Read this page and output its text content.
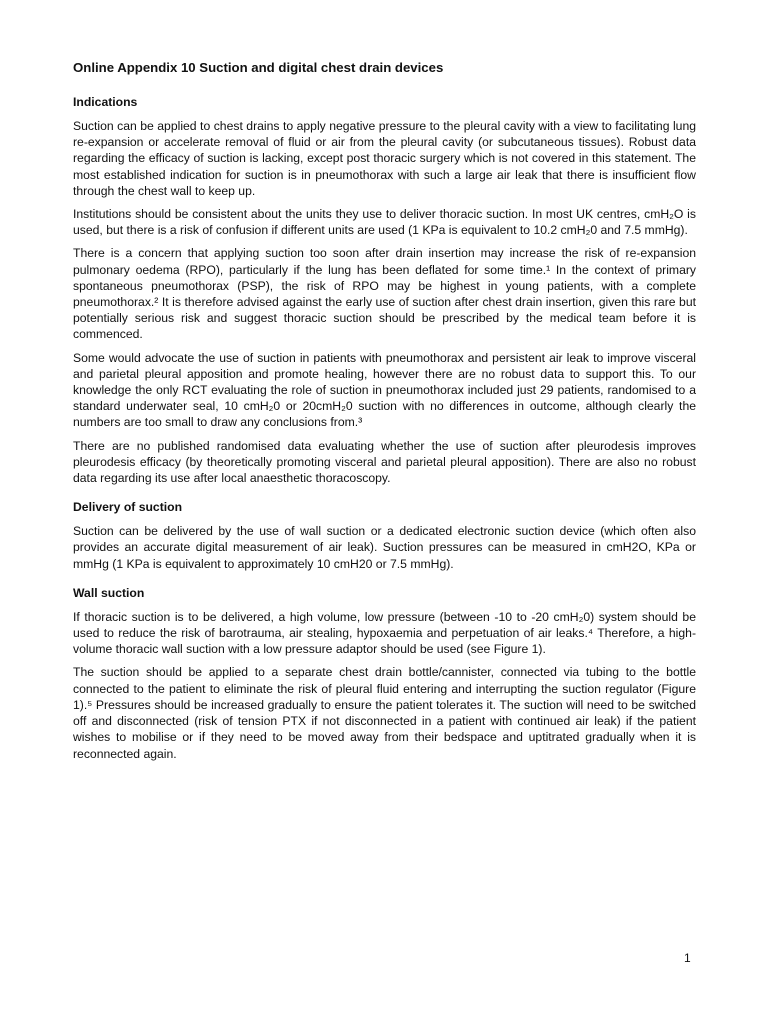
Online Appendix 10 Suction and digital chest drain devices
Indications

Suction can be applied to chest drains to apply negative pressure to the pleural cavity with a view to facilitating lung re-expansion or accelerate removal of fluid or air from the pleural cavity (or subcutaneous tissues). Robust data regarding the efficacy of suction is lacking, except post thoracic surgery which is not covered in this statement. The most established indication for suction is in pneumothorax with such a large air leak that there is insufficient flow through the chest wall to keep up.

Institutions should be consistent about the units they use to deliver thoracic suction. In most UK centres, cmH₂O is used, but there is a risk of confusion if different units are used (1 KPa is equivalent to 10.2 cmH₂0 and 7.5 mmHg).

There is a concern that applying suction too soon after drain insertion may increase the risk of re-expansion pulmonary oedema (RPO), particularly if the lung has been deflated for some time.¹ In the context of primary spontaneous pneumothorax (PSP), the risk of RPO may be highest in young patients, with a complete pneumothorax.² It is therefore advised against the early use of suction after chest drain insertion, given this rare but potentially serious risk and suggest thoracic suction should be prescribed by the medical team before it is commenced.

Some would advocate the use of suction in patients with pneumothorax and persistent air leak to improve visceral and parietal pleural apposition and promote healing, however there are no robust data to support this. To our knowledge the only RCT evaluating the role of suction in pneumothorax included just 29 patients, randomised to a standard underwater seal, 10 cmH₂0 or 20cmH₂0 suction with no differences in outcome, although clearly the numbers are too small to draw any conclusions from.³

There are no published randomised data evaluating whether the use of suction after pleurodesis improves pleurodesis efficacy (by theoretically promoting visceral and parietal pleural apposition). There are also no robust data regarding its use after local anaesthetic thoracoscopy.

Delivery of suction

Suction can be delivered by the use of wall suction or a dedicated electronic suction device (which often also provides an accurate digital measurement of air leak). Suction pressures can be measured in cmH2O, KPa or mmHg (1 KPa is equivalent to approximately 10 cmH20 or 7.5 mmHg).

Wall suction

If thoracic suction is to be delivered, a high volume, low pressure (between -10 to -20 cmH₂0) system should be used to reduce the risk of barotrauma, air stealing, hypoxaemia and perpetuation of air leaks.⁴ Therefore, a high-volume thoracic wall suction with a low pressure adaptor should be used (see Figure 1).

The suction should be applied to a separate chest drain bottle/cannister, connected via tubing to the bottle connected to the patient to eliminate the risk of pleural fluid entering and interrupting the suction regulator (Figure 1).⁵ Pressures should be increased gradually to ensure the patient tolerates it. The suction will need to be switched off and disconnected (risk of tension PTX if not disconnected in a patient with continued air leak) if the patient wishes to mobilise or if they need to be moved away from their bedspace and uptitrated gradually when it is reconnected again.

1
